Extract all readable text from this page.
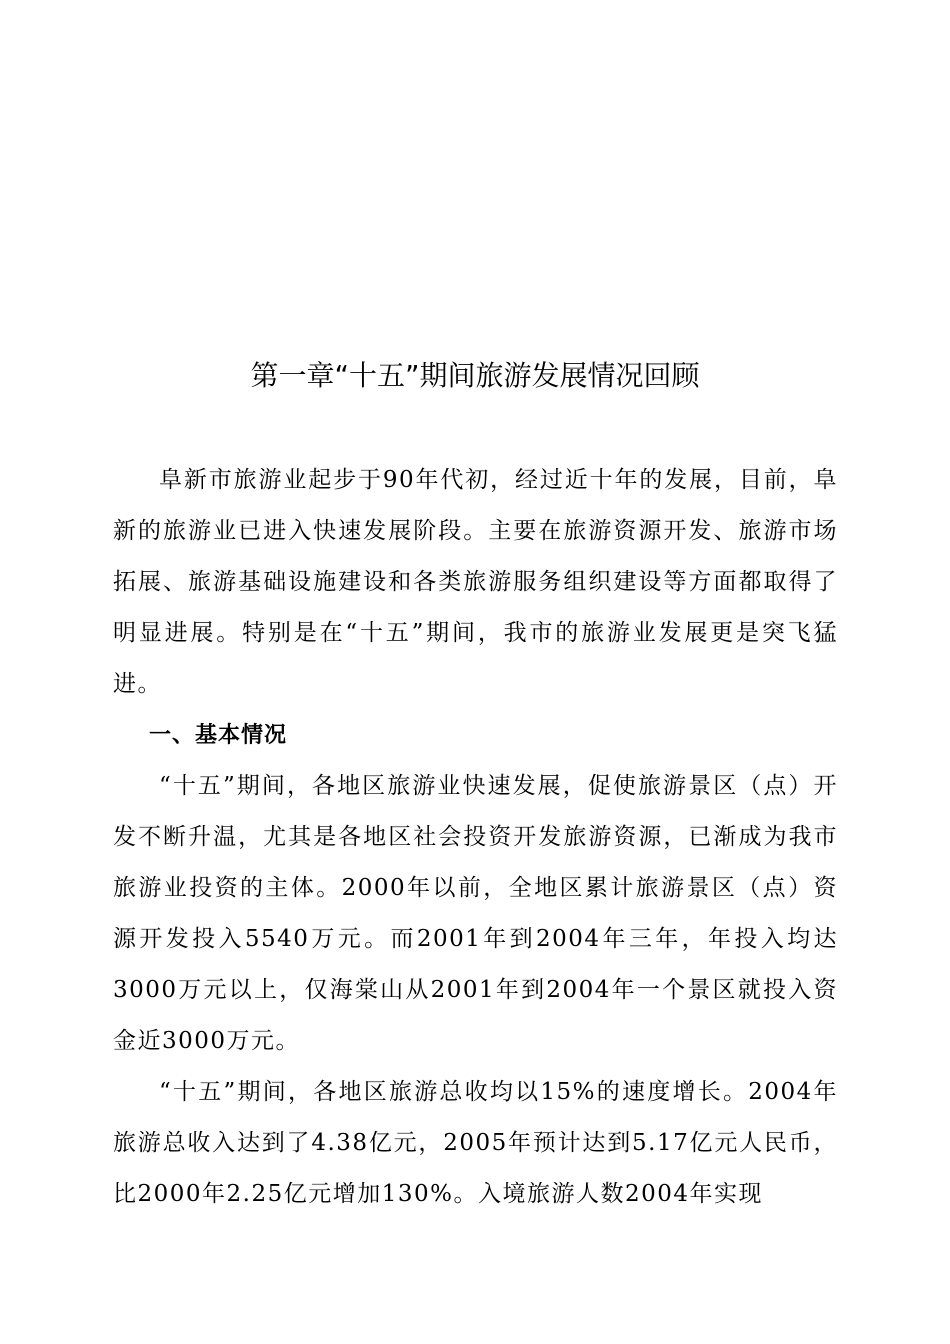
第一章“十五”期间旅游发展情况回顾

阜新市旅游业起步于90年代初，经过近十年的发展，目前，阜新的旅游业已进入快速发展阶段。主要在旅游资源开发、旅游市场拓展、旅游基础设施建设和各类旅游服务组织建设等方面都取得了明显进展。特别是在“十五”期间，我市的旅游业发展更是突飞猛进。

一、基本情况

“十五”期间，各地区旅游业快速发展，促使旅游景区（点）开发不断升温，尤其是各地区社会投资开发旅游资源，已渐成为我市旅游业投资的主体。2000年以前，全地区累计旅游景区（点）资源开发投入5540万元。而2001年到2004年三年，年投入均达3000万元以上，仅海棠山从2001年到2004年一个景区就投入资金近3000万元。

“十五”期间，各地区旅游总收均以15%的速度增长。2004年旅游总收入达到了4.38亿元，2005年预计达到5.17亿元人民币，比2000年2.25亿元增加130%。入境旅游人数2004年实现
